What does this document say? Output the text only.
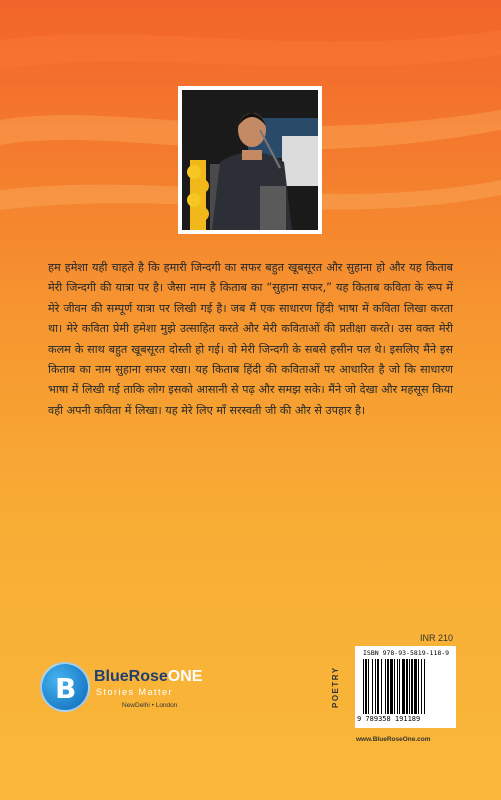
हम हमेशा यही चाहते है कि हमारी जिन्दगी का सफर बहुत खूबसूरत और सुहाना हो और यह किताब मेरी जिन्दगी की यात्रा पर है। जैसा नाम है किताब का “सुहाना सफर,” यह किताब कविता के रूप में मेरे जीवन की सम्पूर्ण यात्रा पर लिखी गई है। जब मैं एक साधारण हिंदी भाषा में कविता लिखा करता था। मेरे कविता प्रेमी हमेशा मुझे उत्साहित करते और मेरी कविताओं की प्रतीक्षा करते। उस वक्त मेरी कलम के साथ बहुत खूबसूरत दोस्ती हो गई। वो मेरी जिन्दगी के सबसे हसीन पल थे। इसलिए मैंने इस किताब का नाम सुहाना सफर रखा। यह किताब हिंदी की कविताओं पर आधारित है जो कि साधारण भाषा में लिखी गई ताकि लोग इसको आसानी से पढ़ और समझ सके। मैंने जो देखा और महसूस किया वही अपनी कविता में लिखा। यह मेरे लिए माँ सरस्वती जी की और से उपहार है।

B BlueRoseONE
Stories Matter
NewDelhi • London
INR 210
POETRY
ISBN 978-93-5819-118-9
9 789358 191189
www.BlueRoseOne.com
